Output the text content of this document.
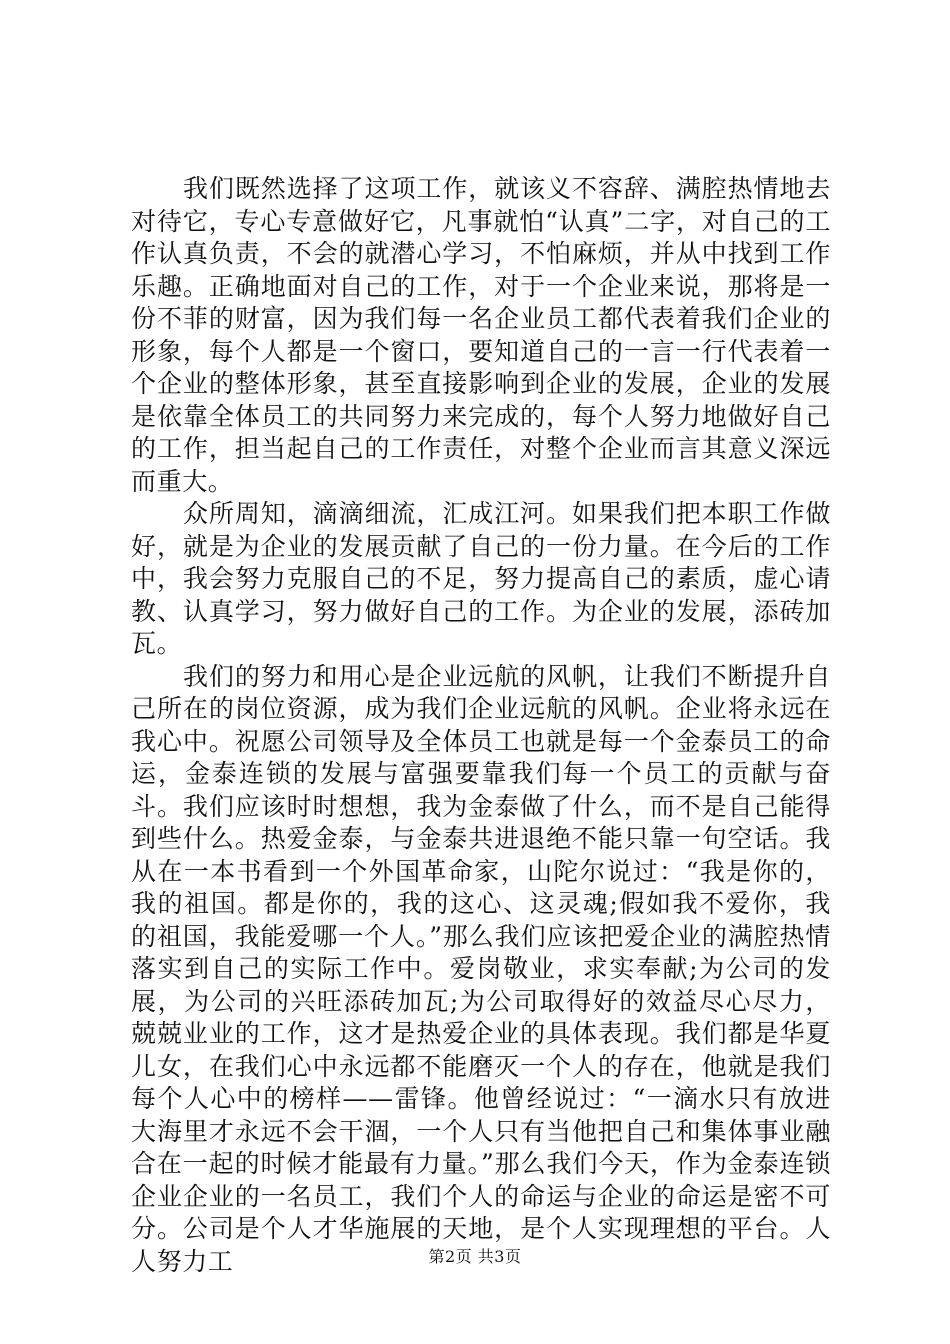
我们既然选择了这项工作，就该义不容辞、满腔热情地去对待它，专心专意做好它，凡事就怕“认真”二字，对自己的工作认真负责，不会的就潜心学习，不怕麻烦，并从中找到工作乐趣。正确地面对自己的工作，对于一个企业来说，那将是一份不菲的财富，因为我们每一名企业员工都代表着我们企业的形象，每个人都是一个窗口，要知道自己的一言一行代表着一个企业的整体形象，甚至直接影响到企业的发展，企业的发展是依靠全体员工的共同努力来完成的，每个人努力地做好自己的工作，担当起自己的工作责任，对整个企业而言其意义深远而重大。

众所周知，滴滴细流，汇成江河。如果我们把本职工作做好，就是为企业的发展贡献了自己的一份力量。在今后的工作中，我会努力克服自己的不足，努力提高自己的素质，虚心请教、认真学习，努力做好自己的工作。为企业的发展，添砖加瓦。

我们的努力和用心是企业远航的风帆，让我们不断提升自己所在的岗位资源，成为我们企业远航的风帆。企业将永远在我心中。祝愿公司领导及全体员工也就是每一个金泰员工的命运，金泰连锁的发展与富强要靠我们每一个员工的贡献与奋斗。我们应该时时想想，我为金泰做了什么，而不是自己能得到些什么。热爱金泰，与金泰共进退绝不能只靠一句空话。我从在一本书看到一个外国革命家，山陀尔说过：“我是你的，我的祖国。都是你的，我的这心、这灵魂;假如我不爱你，我的祖国，我能爱哪一个人。”那么我们应该把爱企业的满腔热情落实到自己的实际工作中。爱岗敬业，求实奉献;为公司的发展，为公司的兴旺添砖加瓦;为公司取得好的效益尽心尽力，兢兢业业的工作，这才是热爱企业的具体表现。我们都是华夏儿女，在我们心中永远都不能磨灭一个人的存在，他就是我们每个人心中的榜样——雷锋。他曾经说过：“一滴水只有放进大海里才永远不会干涸，一个人只有当他把自己和集体事业融合在一起的时候才能最有力量。”那么我们今天，作为金泰连锁企业企业的一名员工，我们个人的命运与企业的命运是密不可分。公司是个人才华施展的天地，是个人实现理想的平台。人人努力工	第2页 共3页
